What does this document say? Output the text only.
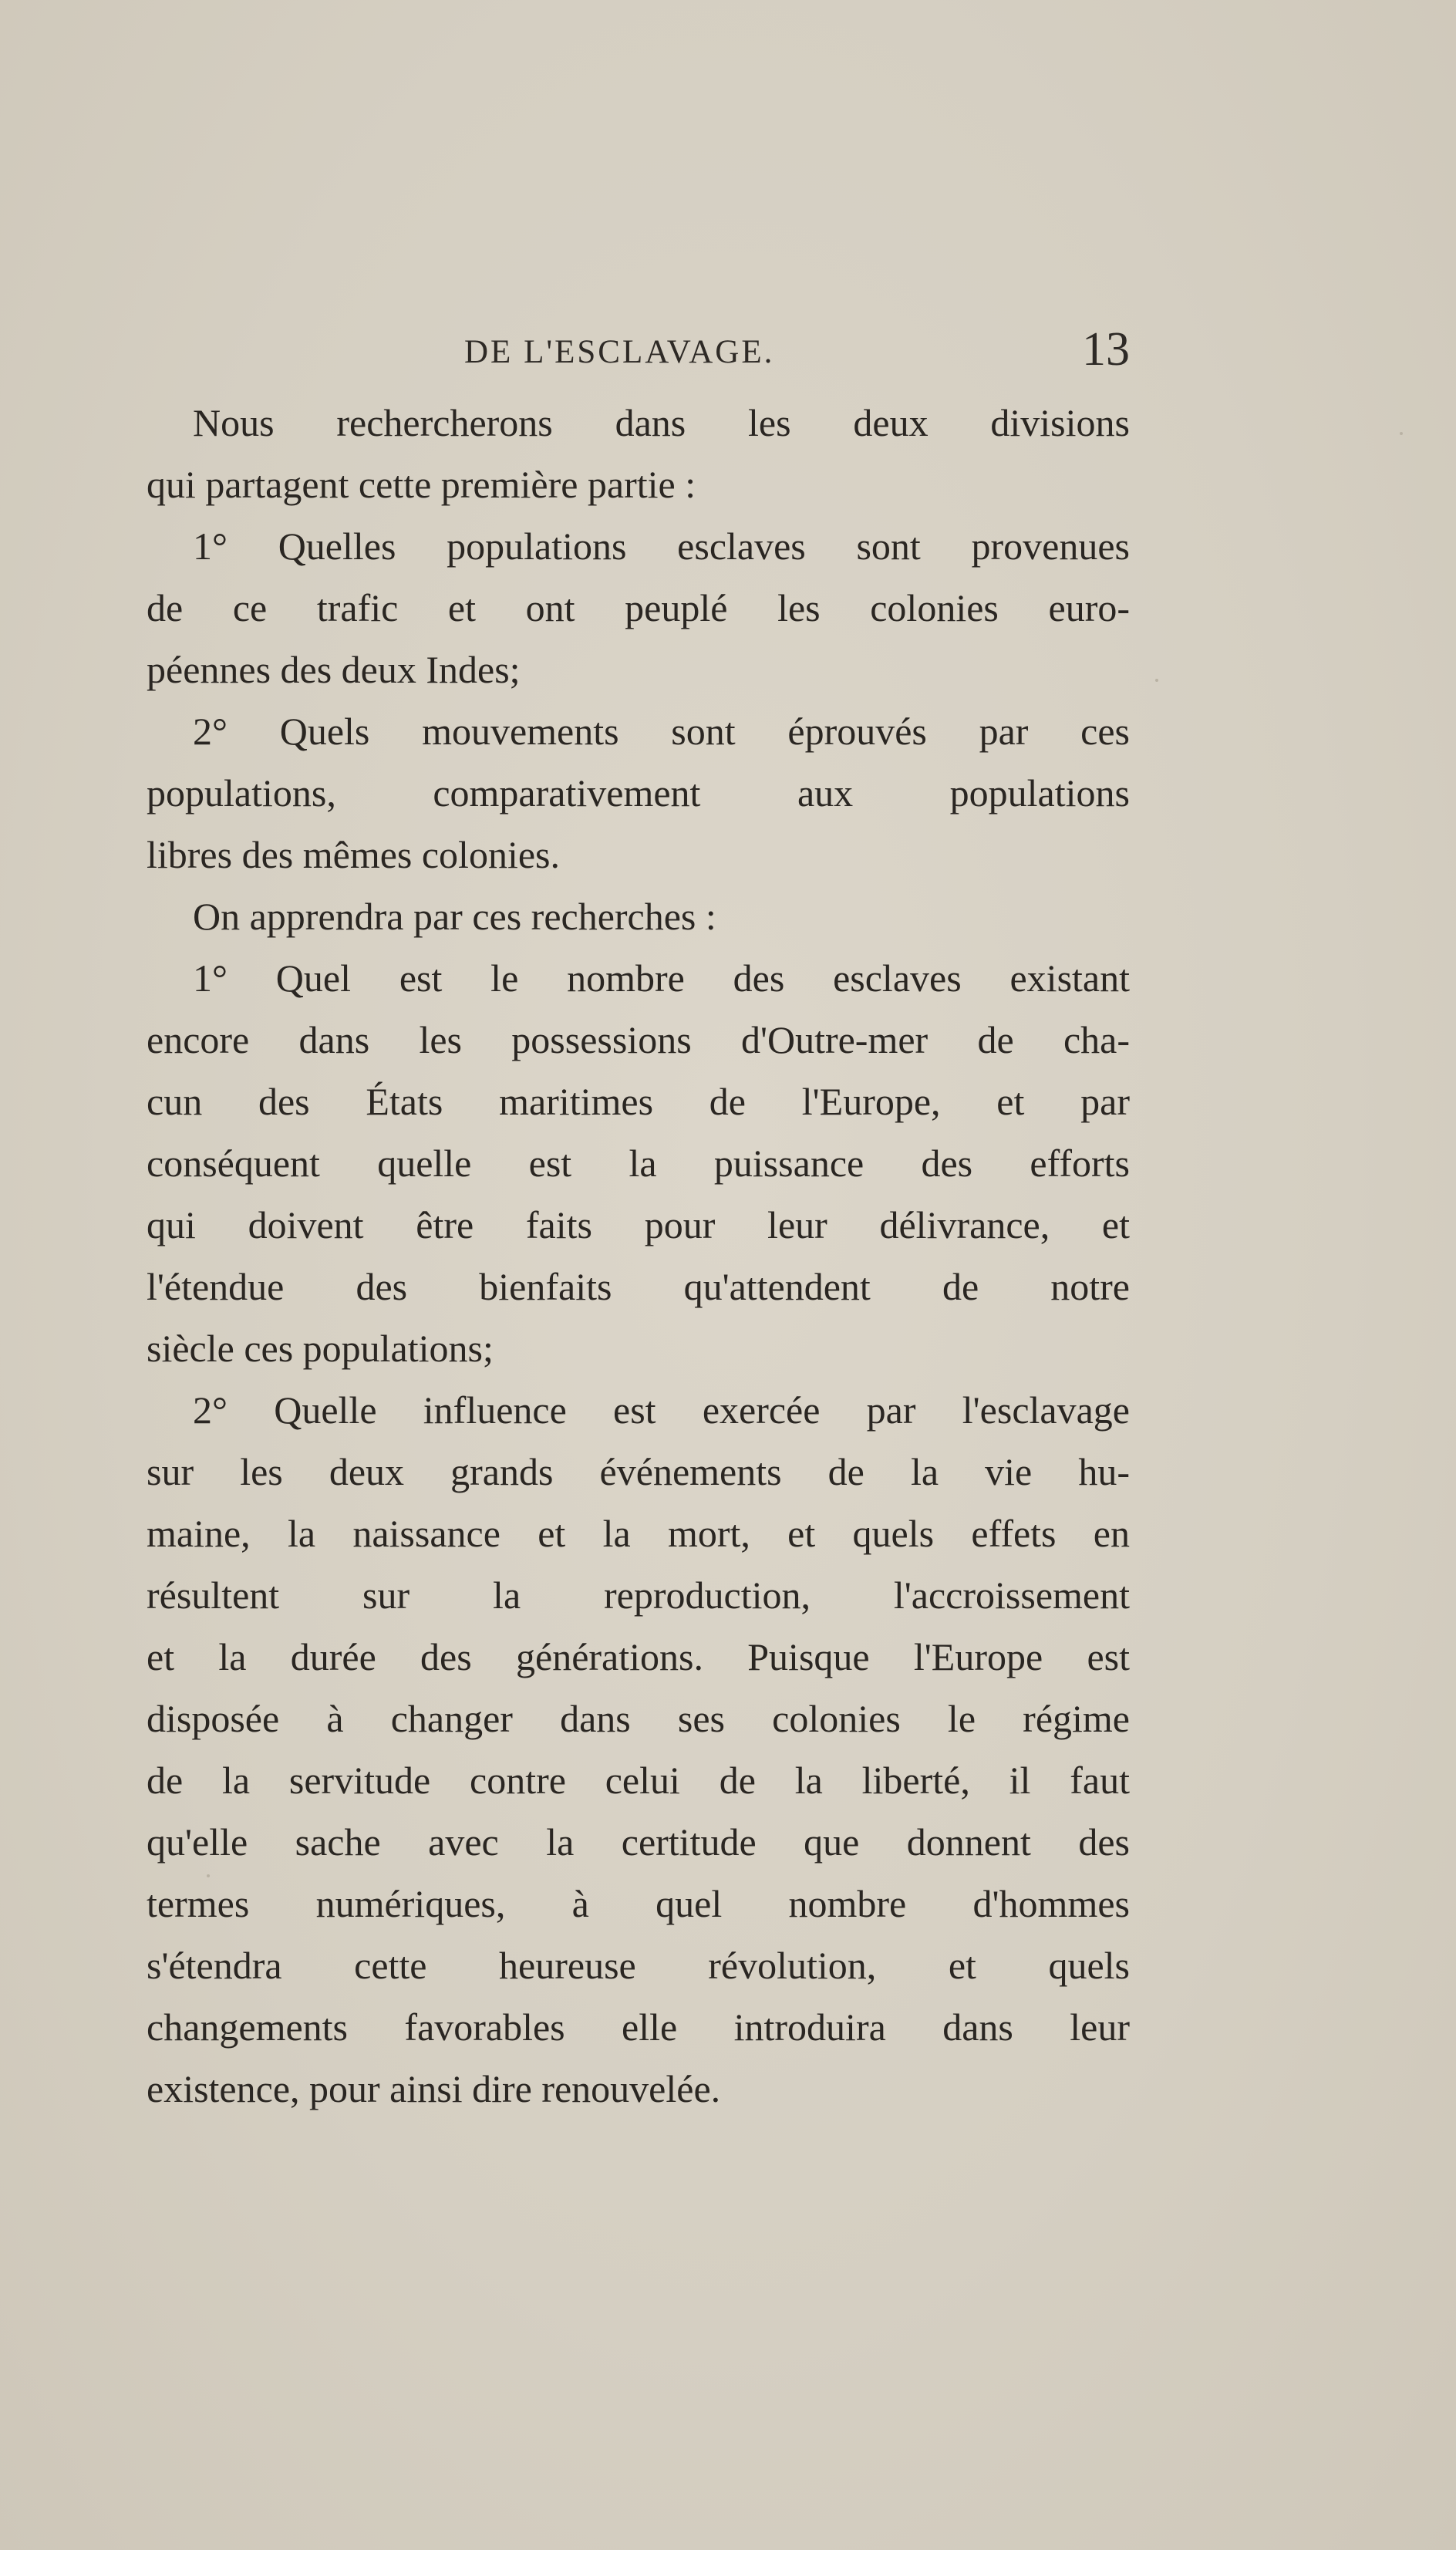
DE L'ESCLAVAGE.	13
Nous rechercherons dans les deux divisions
qui partagent cette première partie :
1° Quelles populations esclaves sont provenues
de ce trafic et ont peuplé les colonies euro-
péennes des deux Indes;
2° Quels mouvements sont éprouvés par ces
populations, comparativement aux populations
libres des mêmes colonies.
On apprendra par ces recherches :
1° Quel est le nombre des esclaves existant
encore dans les possessions d'Outre-mer de cha-
cun des États maritimes de l'Europe, et par
conséquent quelle est la puissance des efforts
qui doivent être faits pour leur délivrance, et
l'étendue des bienfaits qu'attendent de notre
siècle ces populations;
2° Quelle influence est exercée par l'esclavage
sur les deux grands événements de la vie hu-
maine, la naissance et la mort, et quels effets en
résultent sur la reproduction, l'accroissement
et la durée des générations. Puisque l'Europe est
disposée à changer dans ses colonies le régime
de la servitude contre celui de la liberté, il faut
qu'elle sache avec la certitude que donnent des
termes numériques, à quel nombre d'hommes
s'étendra cette heureuse révolution, et quels
changements favorables elle introduira dans leur
existence, pour ainsi dire renouvelée.
